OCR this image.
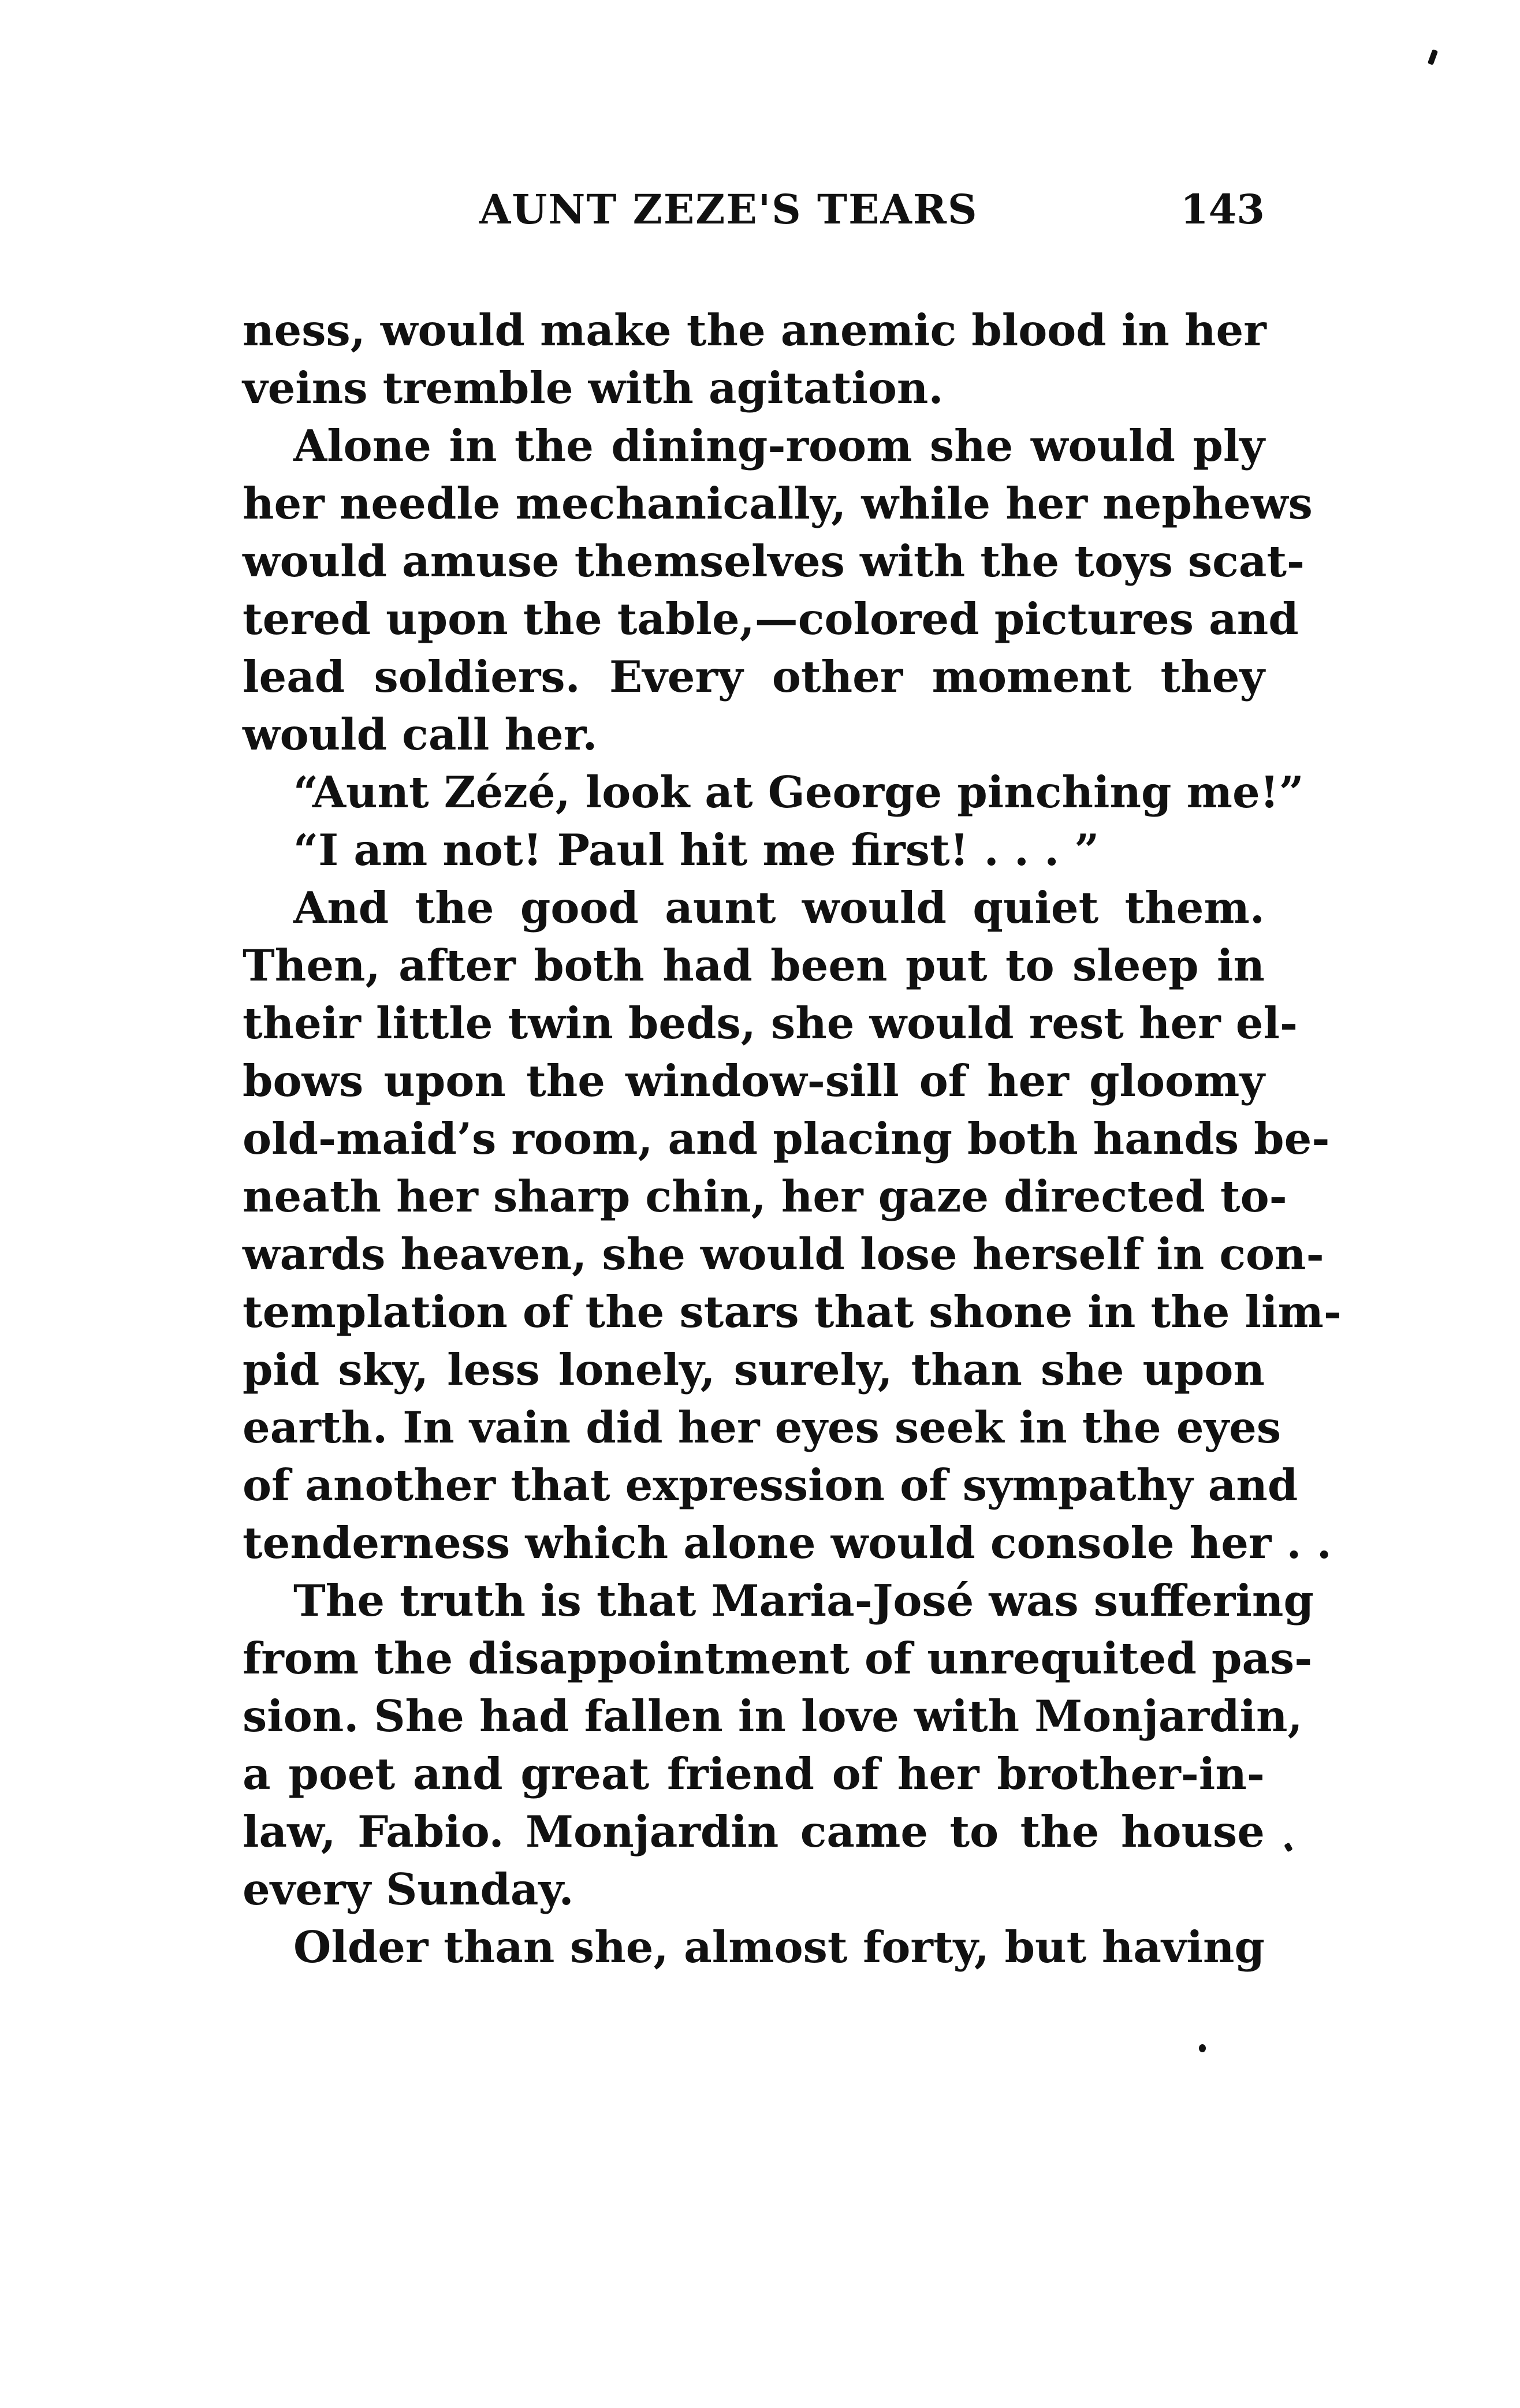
AUNT ZEZE'S TEARS	143
ness, would make the anemic blood in her
veins tremble with agitation.
Alone in the dining-room she would ply
her needle mechanically, while her nephews
would amuse themselves with the toys scat-
tered upon the table,—colored pictures and
lead soldiers. Every other moment they
would call her.
“Aunt Zézé, look at George pinching me!”
“I am not! Paul hit me first! . . . ”
And the good aunt would quiet them.
Then, after both had been put to sleep in
their little twin beds, she would rest her el-
bows upon the window-sill of her gloomy
old-maid’s room, and placing both hands be-
neath her sharp chin, her gaze directed to-
wards heaven, she would lose herself in con-
templation of the stars that shone in the lim-
pid sky, less lonely, surely, than she upon
earth. In vain did her eyes seek in the eyes
of another that expression of sympathy and
tenderness which alone would console her . .
The truth is that Maria-José was suffering
from the disappointment of unrequited pas-
sion. She had fallen in love with Monjardin,
a poet and great friend of her brother-in-
law, Fabio. Monjardin came to the house
every Sunday.
Older than she, almost forty, but having
